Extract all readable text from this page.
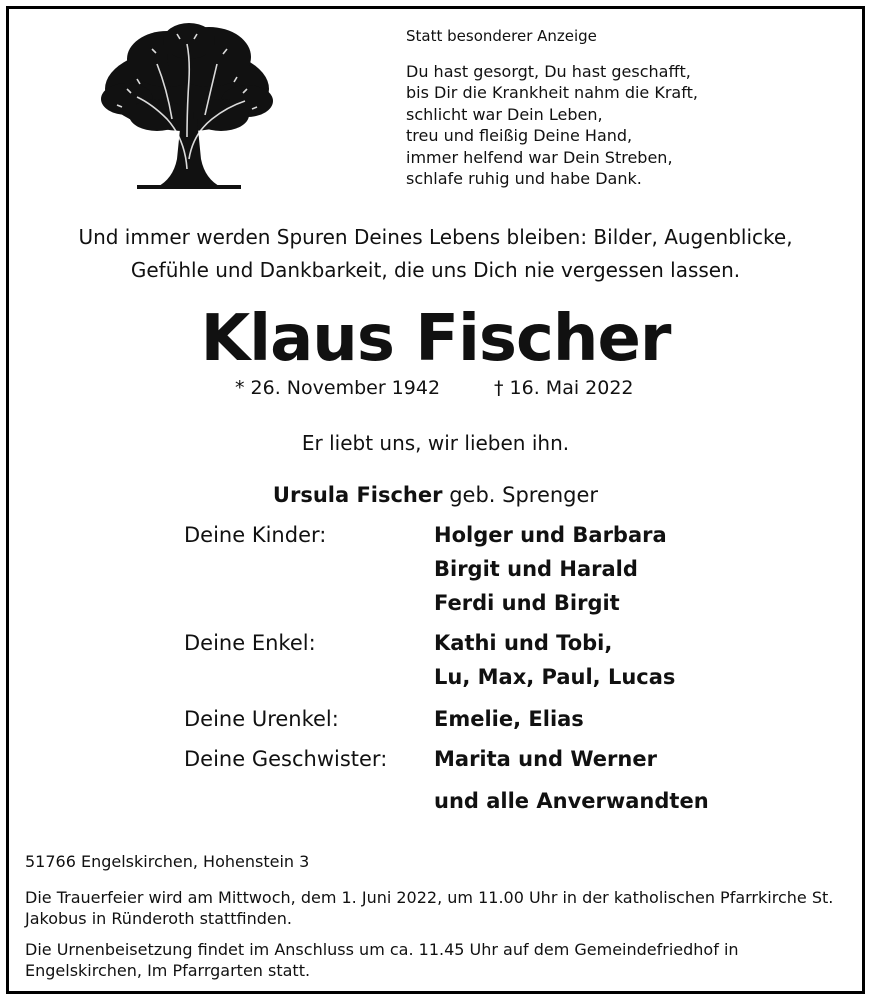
Statt besonderer Anzeige
Du hast gesorgt, Du hast geschafft,
bis Dir die Krankheit nahm die Kraft,
schlicht war Dein Leben,
treu und fleißig Deine Hand,
immer helfend war Dein Streben,
schlafe ruhig und habe Dank.
Und immer werden Spuren Deines Lebens bleiben: Bilder, Augenblicke,
Gefühle und Dankbarkeit, die uns Dich nie vergessen lassen.
Klaus Fischer
* 26. November 1942	† 16. Mai 2022
Er liebt uns, wir lieben ihn.
Ursula Fischer geb. Sprenger
Deine Kinder:	Holger und Barbara
Birgit und Harald
Ferdi und Birgit
Deine Enkel:	Kathi und Tobi,
Lu, Max, Paul, Lucas
Deine Urenkel:	Emelie, Elias
Deine Geschwister: Marita und Werner
und alle Anverwandten
51766 Engelskirchen, Hohenstein 3
Die Trauerfeier wird am Mittwoch, dem 1. Juni 2022, um 11.00 Uhr in der katholischen Pfarrkirche St. Jakobus in Ründeroth stattfinden.
Die Urnenbeisetzung findet im Anschluss um ca. 11.45 Uhr auf dem Gemeindefriedhof in Engelskirchen, Im Pfarrgarten statt.
